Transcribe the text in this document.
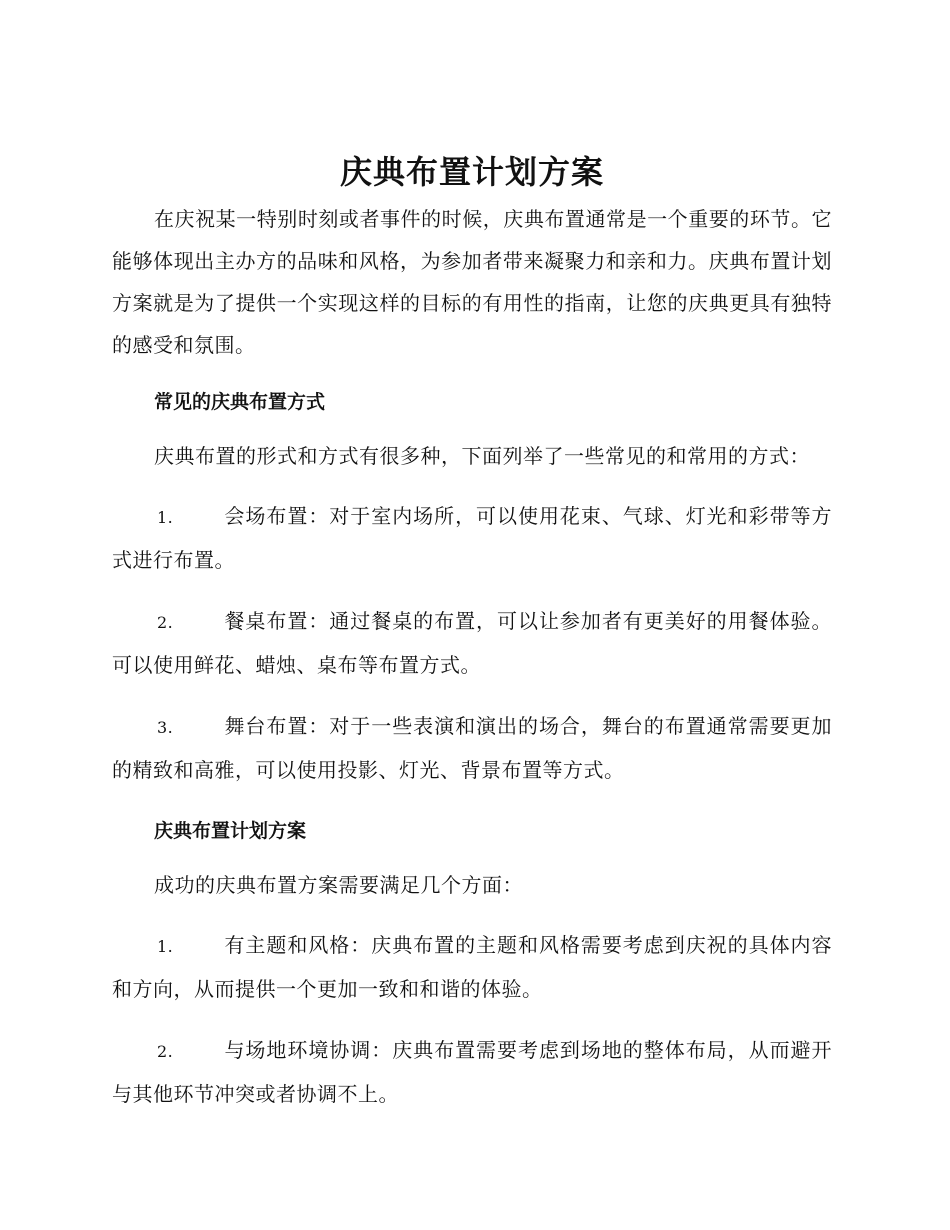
庆典布置计划方案

在庆祝某一特别时刻或者事件的时候，庆典布置通常是一个重要的环节。它能够体现出主办方的品味和风格，为参加者带来凝聚力和亲和力。庆典布置计划方案就是为了提供一个实现这样的目标的有用性的指南，让您的庆典更具有独特的感受和氛围。

常见的庆典布置方式

庆典布置的形式和方式有很多种，下面列举了一些常见的和常用的方式：

1.	会场布置：对于室内场所，可以使用花束、气球、灯光和彩带等方式进行布置。

2.	餐桌布置：通过餐桌的布置，可以让参加者有更美好的用餐体验。可以使用鲜花、蜡烛、桌布等布置方式。

3.	舞台布置：对于一些表演和演出的场合，舞台的布置通常需要更加的精致和高雅，可以使用投影、灯光、背景布置等方式。

庆典布置计划方案

成功的庆典布置方案需要满足几个方面：

1.	有主题和风格：庆典布置的主题和风格需要考虑到庆祝的具体内容和方向，从而提供一个更加一致和和谐的体验。

2.	与场地环境协调：庆典布置需要考虑到场地的整体布局，从而避开与其他环节冲突或者协调不上。
